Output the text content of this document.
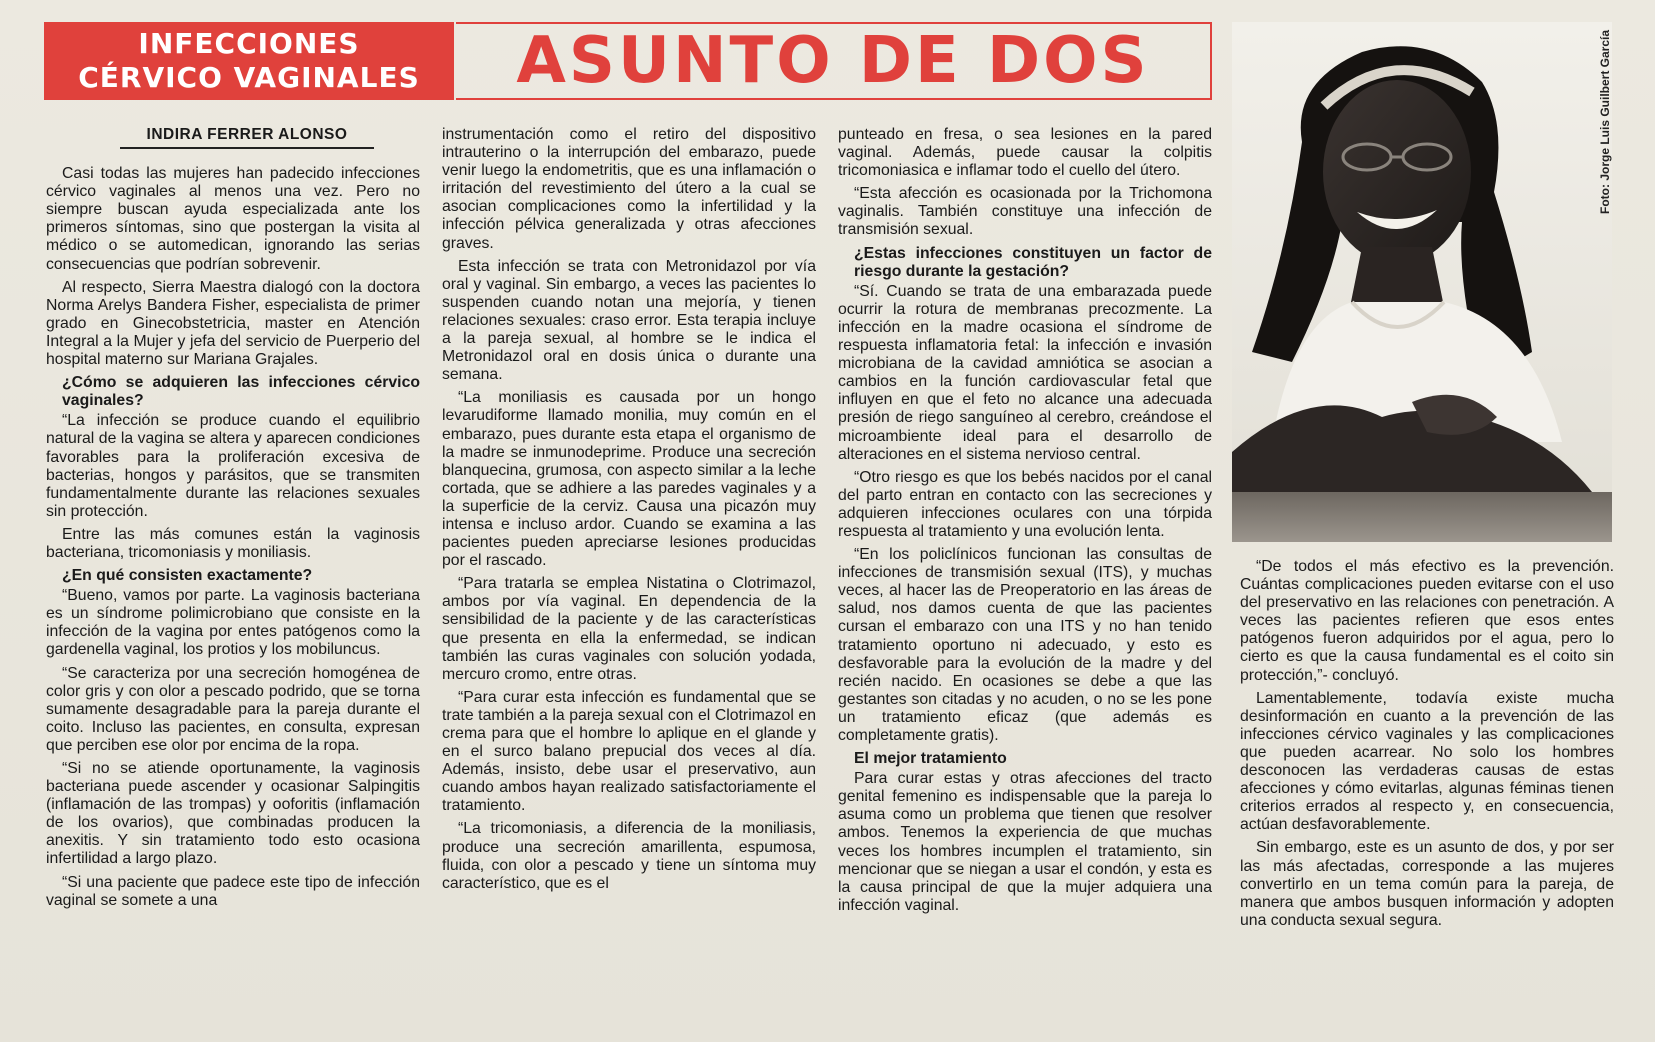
INFECCIONES
CÉRVICO VAGINALES	ASUNTO DE DOS
INDIRA FERRER ALONSO

Casi todas las mujeres han padecido infecciones cérvico vaginales al menos una vez. Pero no siempre buscan ayuda especializada ante los primeros síntomas, sino que postergan la visita al médico o se automedican, ignorando las serias consecuencias que podrían sobrevenir.

Al respecto, Sierra Maestra dialogó con la doctora Norma Arelys Bandera Fisher, especialista de primer grado en Ginecobstetricia, master en Atención Integral a la Mujer y jefa del servicio de Puerperio del hospital materno sur Mariana Grajales.

¿Cómo se adquieren las infecciones cérvico vaginales?

“La infección se produce cuando el equilibrio natural de la vagina se altera y aparecen condiciones favorables para la proliferación excesiva de bacterias, hongos y parásitos, que se transmiten fundamentalmente durante las relaciones sexuales sin protección.

Entre las más comunes están la vaginosis bacteriana, tricomoniasis y moniliasis.

¿En qué consisten exactamente?

“Bueno, vamos por parte. La vaginosis bacteriana es un síndrome polimicrobiano que consiste en la infección de la vagina por entes patógenos como la gardenella vaginal, los protios y los mobiluncus.

“Se caracteriza por una secreción homogénea de color gris y con olor a pescado podrido, que se torna sumamente desagradable para la pareja durante el coito. Incluso las pacientes, en consulta, expresan que perciben ese olor por encima de la ropa.

“Si no se atiende oportunamente, la vaginosis bacteriana puede ascender y ocasionar Salpingitis (inflamación de las trompas) y ooforitis (inflamación de los ovarios), que combinadas producen la anexitis. Y sin tratamiento todo esto ocasiona infertilidad a largo plazo.

“Si una paciente que padece este tipo de infección vaginal se somete a una

instrumentación como el retiro del dispositivo intrauterino o la interrupción del embarazo, puede venir luego la endometritis, que es una inflamación o irritación del revestimiento del útero a la cual se asocian complicaciones como la infertilidad y la infección pélvica generalizada y otras afecciones graves.

Esta infección se trata con Metronidazol por vía oral y vaginal. Sin embargo, a veces las pacientes lo suspenden cuando notan una mejoría, y tienen relaciones sexuales: craso error. Esta terapia incluye a la pareja sexual, al hombre se le indica el Metronidazol oral en dosis única o durante una semana.

“La moniliasis es causada por un hongo levarudiforme llamado monilia, muy común en el embarazo, pues durante esta etapa el organismo de la madre se inmunodeprime. Produce una secreción blanquecina, grumosa, con aspecto similar a la leche cortada, que se adhiere a las paredes vaginales y a la superficie de la cerviz. Causa una picazón muy intensa e incluso ardor. Cuando se examina a las pacientes pueden apreciarse lesiones producidas por el rascado.

“Para tratarla se emplea Nistatina o Clotrimazol, ambos por vía vaginal. En dependencia de la sensibilidad de la paciente y de las características que presenta en ella la enfermedad, se indican también las curas vaginales con solución yodada, mercuro cromo, entre otras.

“Para curar esta infección es fundamental que se trate también a la pareja sexual con el Clotrimazol en crema para que el hombre lo aplique en el glande y en el surco balano prepucial dos veces al día. Además, insisto, debe usar el preservativo, aun cuando ambos hayan realizado satisfactoriamente el tratamiento.

“La tricomoniasis, a diferencia de la moniliasis, produce una secreción amarillenta, espumosa, fluida, con olor a pescado y tiene un síntoma muy característico, que es el

punteado en fresa, o sea lesiones en la pared vaginal. Además, puede causar la colpitis tricomoniasica e inflamar todo el cuello del útero.

“Esta afección es ocasionada por la Trichomona vaginalis. También constituye una infección de transmisión sexual.

¿Estas infecciones constituyen un factor de riesgo durante la gestación?

“Sí. Cuando se trata de una embarazada puede ocurrir la rotura de membranas precozmente. La infección en la madre ocasiona el síndrome de respuesta inflamatoria fetal: la infección e invasión microbiana de la cavidad amniótica se asocian a cambios en la función cardiovascular fetal que influyen en que el feto no alcance una adecuada presión de riego sanguíneo al cerebro, creándose el microambiente ideal para el desarrollo de alteraciones en el sistema nervioso central.

“Otro riesgo es que los bebés nacidos por el canal del parto entran en contacto con las secreciones y adquieren infecciones oculares con una tórpida respuesta al tratamiento y una evolución lenta.

“En los policlínicos funcionan las consultas de infecciones de transmisión sexual (ITS), y muchas veces, al hacer las de Preoperatorio en las áreas de salud, nos damos cuenta de que las pacientes cursan el embarazo con una ITS y no han tenido tratamiento oportuno ni adecuado, y esto es desfavorable para la evolución de la madre y del recién nacido. En ocasiones se debe a que las gestantes son citadas y no acuden, o no se les pone un tratamiento eficaz (que además es completamente gratis).

El mejor tratamiento

Para curar estas y otras afecciones del tracto genital femenino es indispensable que la pareja lo asuma como un problema que tienen que resolver ambos. Tenemos la experiencia de que muchas veces los hombres incumplen el tratamiento, sin mencionar que se niegan a usar el condón, y esta es la causa principal de que la mujer adquiera una infección vaginal.

Foto: Jorge Luis Guilbert García

“De todos el más efectivo es la prevención. Cuántas complicaciones pueden evitarse con el uso del preservativo en las relaciones con penetración. A veces las pacientes refieren que esos entes patógenos fueron adquiridos por el agua, pero lo cierto es que la causa fundamental es el coito sin protección,”- concluyó.

Lamentablemente, todavía existe mucha desinformación en cuanto a la prevención de las infecciones cérvico vaginales y las complicaciones que pueden acarrear. No solo los hombres desconocen las verdaderas causas de estas afecciones y cómo evitarlas, algunas féminas tienen criterios errados al respecto y, en consecuencia, actúan desfavorablemente.

Sin embargo, este es un asunto de dos, y por ser las más afectadas, corresponde a las mujeres convertirlo en un tema común para la pareja, de manera que ambos busquen información y adopten una conducta sexual segura.
